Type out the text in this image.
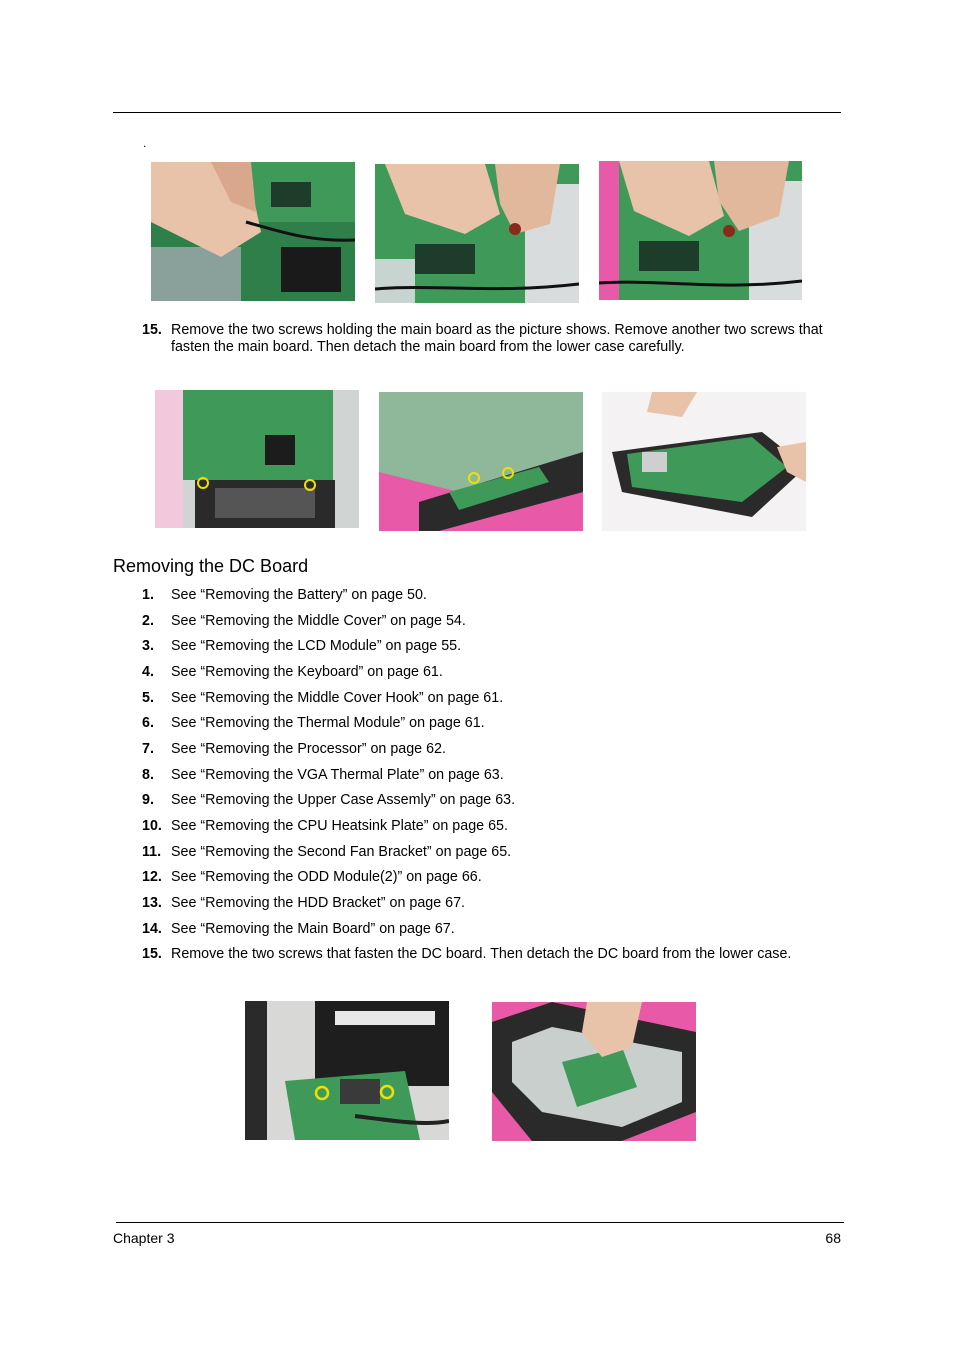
.
15. Remove the two screws holding the main board as the picture shows. Remove another two screws that fasten the main board. Then detach the main board from the lower case carefully.
Removing the DC Board
1. See “Removing the Battery” on page 50.
2. See “Removing the Middle Cover” on page 54.
3. See “Removing the LCD Module” on page 55.
4. See “Removing the Keyboard” on page 61.
5. See “Removing the Middle Cover Hook” on page 61.
6. See “Removing the Thermal Module” on page 61.
7. See “Removing the Processor” on page 62.
8. See “Removing the VGA Thermal Plate” on page 63.
9. See “Removing the Upper Case Assemly” on page 63.
10. See “Removing the CPU Heatsink Plate” on page 65.
11. See “Removing the Second Fan Bracket” on page 65.
12. See “Removing the ODD Module(2)” on page 66.
13. See “Removing the HDD Bracket” on page 67.
14. See “Removing the Main Board” on page 67.
15. Remove the two screws that fasten the DC board. Then detach the DC board from the lower case.
Chapter 3	68
